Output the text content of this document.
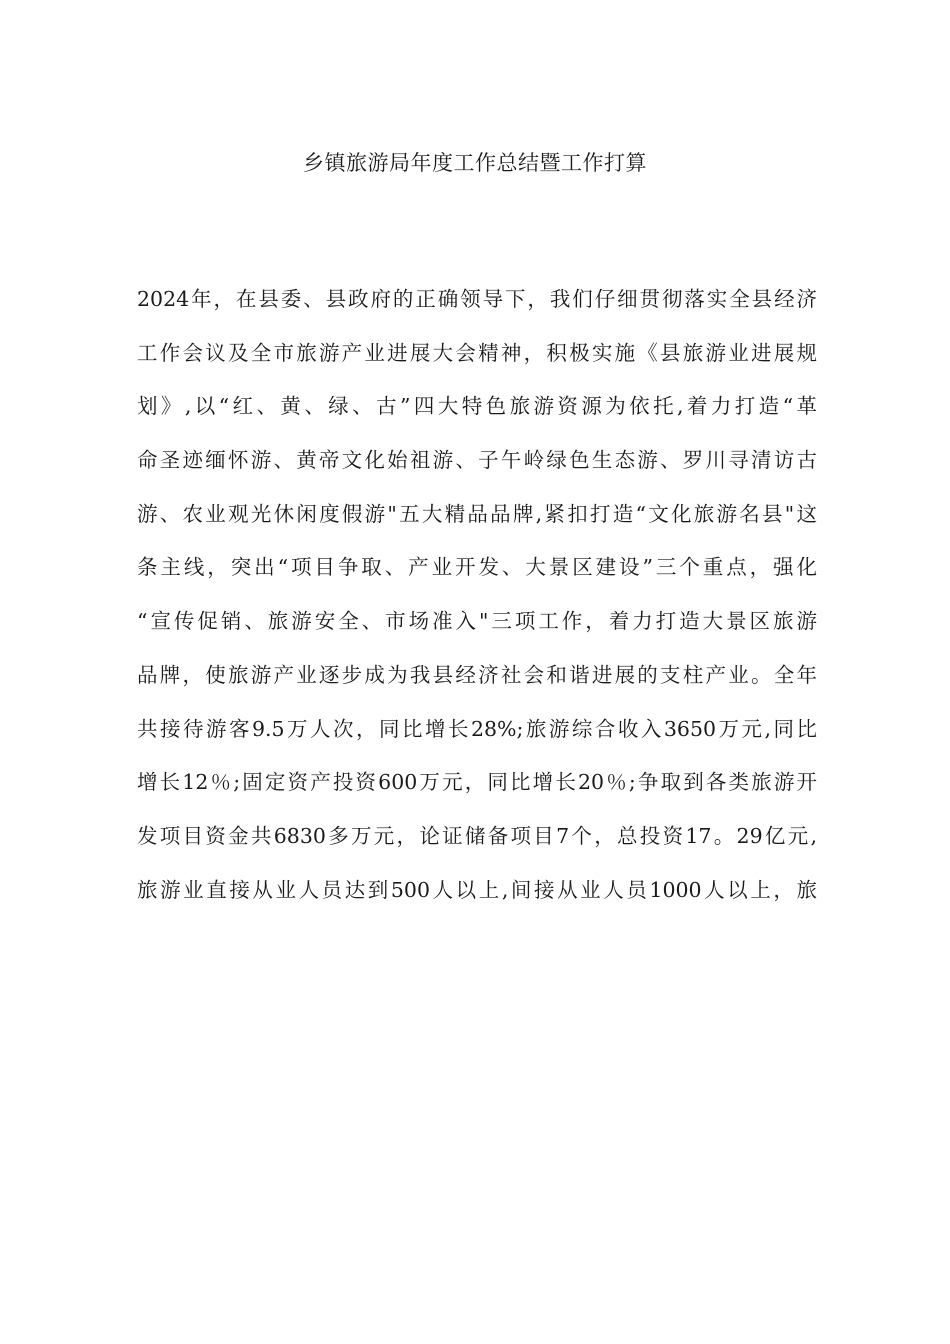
乡镇旅游局年度工作总结暨工作打算
2024年，在县委、县政府的正确领导下，我们仔细贯彻落实全县经济
工作会议及全市旅游产业进展大会精神，积极实施《县旅游业进展规
划》,以“红、黄、绿、古”四大特色旅游资源为依托,着力打造“革
命圣迹缅怀游、黄帝文化始祖游、子午岭绿色生态游、罗川寻清访古
游、农业观光休闲度假游"五大精品品牌,紧扣打造“文化旅游名县"这
条主线，突出“项目争取、产业开发、大景区建设”三个重点，强化
“宣传促销、旅游安全、市场准入"三项工作，着力打造大景区旅游
品牌，使旅游产业逐步成为我县经济社会和谐进展的支柱产业。全年
共接待游客9.5万人次，同比增长28%;旅游综合收入3650万元,同比
增长12％;固定资产投资600万元，同比增长20％;争取到各类旅游开
发项目资金共6830多万元，论证储备项目7个，总投资17。29亿元,
旅游业直接从业人员达到500人以上,间接从业人员1000人以上，旅
